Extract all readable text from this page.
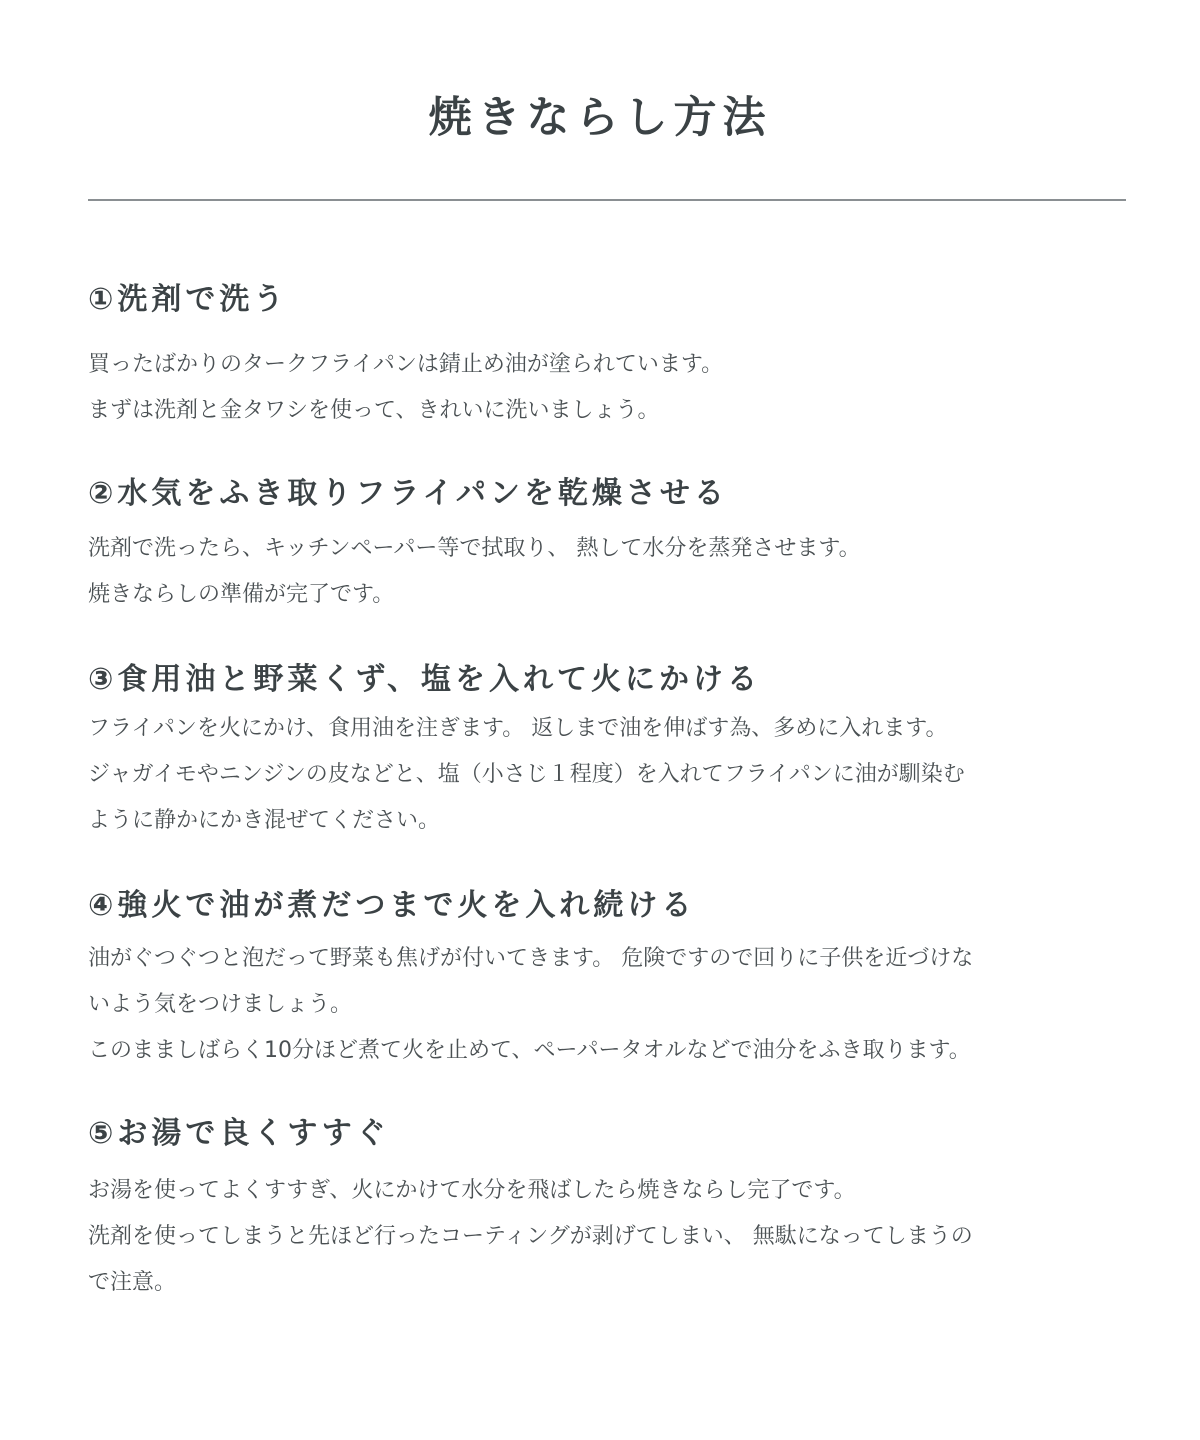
焼きならし方法
①洗剤で洗う

買ったばかりのタークフライパンは錆止め油が塗られています。
まずは洗剤と金タワシを使って、きれいに洗いましょう。

②水気をふき取りフライパンを乾燥させる

洗剤で洗ったら、キッチンペーパー等で拭取り、 熱して水分を蒸発させます。
焼きならしの準備が完了です。

③食用油と野菜くず、塩を入れて火にかける

フライパンを火にかけ、食用油を注ぎます。 返しまで油を伸ばす為、多めに入れます。
ジャガイモやニンジンの皮などと、塩（小さじ１程度）を入れてフライパンに油が馴染む
ように静かにかき混ぜてください。

④強火で油が煮だつまで火を入れ続ける

油がぐつぐつと泡だって野菜も焦げが付いてきます。 危険ですので回りに子供を近づけな
いよう気をつけましょう。
このまましばらく10分ほど煮て火を止めて、ペーパータオルなどで油分をふき取ります。

⑤お湯で良くすすぐ

お湯を使ってよくすすぎ、火にかけて水分を飛ばしたら焼きならし完了です。
洗剤を使ってしまうと先ほど行ったコーティングが剥げてしまい、 無駄になってしまうの
で注意。
